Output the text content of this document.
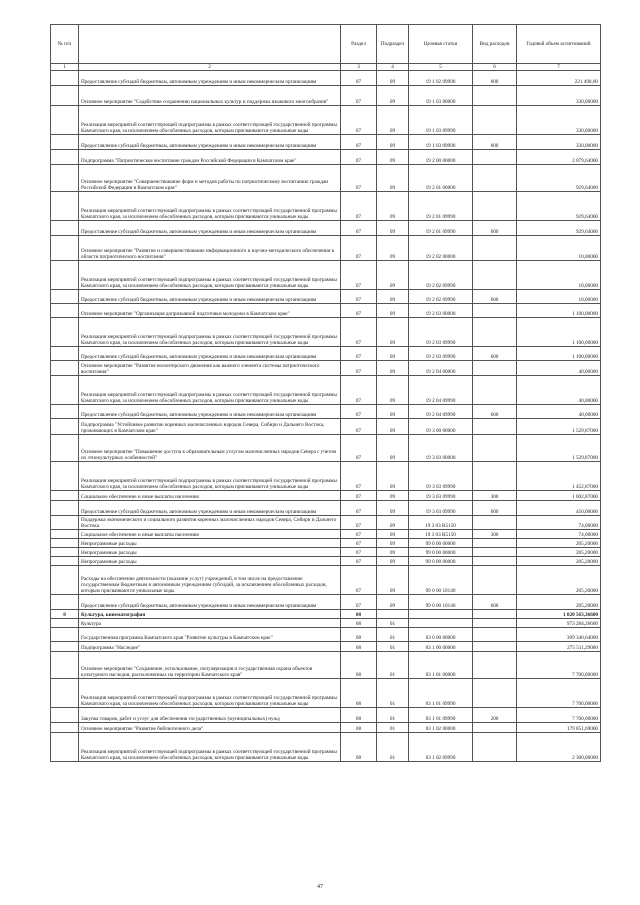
№ п/п		Раздел	Подраздел	Целевая статья	Вид расходов	Годовой объем ассигнований
1	2	3	4	5	6	7
	Предоставление субсидий бюджетным, автономным учреждениям и иным некоммерческим организациям	07	09	19 1 02 09990	600	221 490,00
	Основное мероприятие "Содействие сохранению национальных культур и поддержка языкового многообразия"	07	09	19 1 03 00000		330,00000
	Реализация мероприятий соответствующей подпрограммы в рамках соответствующей государственной программы Камчатского края, за исключением обособленных расходов, которым присваиваются уникальные коды	07	09	19 1 03 09990		330,00000
	Предоставление субсидий бюджетным, автономным учреждениям и иным некоммерческим организациям	07	09	19 1 03 09990	600	330,00000
	Подпрограмма "Патриотическое воспитание граждан Российской Федерации в Камчатском крае"	07	09	19 2 00 00000		2 079,64000
	Основное мероприятие "Совершенствование форм и методов работы по патриотическому воспитанию граждан Российской Федерации в Камчатском крае"	07	09	19 2 01 00000		929,64000
	Реализация мероприятий соответствующей подпрограммы в рамках соответствующей государственной программы Камчатского края, за исключением обособленных расходов, которым присваиваются уникальные коды	07	09	19 2 01 09990		929,64000
	Предоставление субсидий бюджетным, автономным учреждениям и иным некоммерческим организациям	07	09	19 2 01 09990	600	929,64000
	Основное мероприятие "Развитие и совершенствование информационного и научно-методического обеспечения в области патриотического воспитания"	07	09	19 2 02 00000		10,00000
	Реализация мероприятий соответствующей подпрограммы в рамках соответствующей государственной программы Камчатского края, за исключением обособленных расходов, которым присваиваются уникальные коды	07	09	19 2 02 09990		10,00000
	Предоставление субсидий бюджетным, автономным учреждениям и иным некоммерческим организациям	07	09	19 2 02 09990	600	10,00000
	Основное мероприятие "Организация допризывной подготовки молодежи в Камчатском крае"	07	09	19 2 03 00000		1 100,00000
	Реализация мероприятий соответствующей подпрограммы в рамках соответствующей государственной программы Камчатского края, за исключением обособленных расходов, которым присваиваются уникальные коды	07	09	19 2 03 09990		1 100,00000
	Предоставление субсидий бюджетным, автономным учреждениям и иным некоммерческим организациям	07	09	19 2 03 09990	600	1 100,00000
	Основное мероприятие "Развитие волонтерского движения как важного элемента системы патриотического воспитания"	07	09	19 2 04 00000		40,00000
	Реализация мероприятий соответствующей подпрограммы в рамках соответствующей государственной программы Камчатского края, за исключением обособленных расходов, которым присваиваются уникальные коды	07	09	19 2 04 09990		40,00000
	Предоставление субсидий бюджетным, автономным учреждениям и иным некоммерческим организациям	07	09	19 2 04 09990	600	40,00000
	Подпрограмма "Устойчивое развитие коренных малочисленных народов Севера, Сибири и Дальнего Востока, проживающих в Камчатском крае"	07	09	19 3 00 00000		1 529,87000
	Основное мероприятие "Повышение доступа к образовательным услугам малочисленных народов Севера с учетом их этнокультурных особенностей"	07	09	19 3 03 00000		1 529,87000
	Реализация мероприятий соответствующей подпрограммы в рамках соответствующей государственной программы Камчатского края, за исключением обособленных расходов, которым присваиваются уникальные коды	07	09	19 3 03 09990		1 452,87000
	Социальное обеспечение и иные выплаты населению	07	09	19 3 03 09990	300	1 002,87000
	Предоставление субсидий бюджетным, автономным учреждениям и иным некоммерческим организациям	07	09	19 3 03 09990	600	450,00000
	Поддержка экономического и социального развития коренных малочисленных народов Севера, Сибири и Дальнего Востока	07	09	19 3 03 R5150		74,00000
	Социальное обеспечение и иные выплаты населению	07	09	19 3 03 R5150	300	74,00000
	Непрограммные расходы	07	09	99 0 00 00000		205,20000
	Непрограммные расходы	07	09	99 0 00 00000		205,20000
	Непрограммные расходы	07	09	99 0 00 00000		205,20000
	Расходы на обеспечение деятельности (оказание услуг) учреждений, в том числе на предоставление государственным бюджетным и автономным учреждениям субсидий, за исключением обособленных расходов, которым присваиваются уникальные коды	07	09	99 0 00 10140		205,20000
	Предоставление субсидий бюджетным, автономным учреждениям и иным некоммерческим организациям	07	09	99 0 00 10140	600	205,20000
8	Культура, кинематография	08				1 020 563,36600
	Культура	08	01			973 284,26600
	Государственная программа Камчатского края "Развитие культуры в Камчатском крае"	08	01	03 0 00 00000		309 340,64000
	Подпрограмма "Наследие"	08	01	03 1 00 00000		275 511,29000
	Основное мероприятие "Сохранение, использование, популяризация и государственная охрана объектов культурного наследия, расположенных на территории Камчатского края"	08	01	03 1 01 00000		7 700,00000
	Реализация мероприятий соответствующей подпрограммы в рамках соответствующей государственной программы Камчатского края, за исключением обособленных расходов, которым присваиваются уникальные коды	08	01	03 1 01 09990		7 700,00000
	Закупка товаров, работ и услуг для обеспечения государственных (муниципальных) нужд	08	01	03 1 01 09990	200	7 700,00000
	Основное мероприятие "Развитие библиотечного дела"	08	01	03 1 02 00000		179 851,69000
	Реализация мероприятий соответствующей подпрограммы в рамках соответствующей государственной программы Камчатского края, за исключением обособленных расходов, которым присваиваются уникальные коды	08	01	03 1 02 09990		2 300,00000
47
